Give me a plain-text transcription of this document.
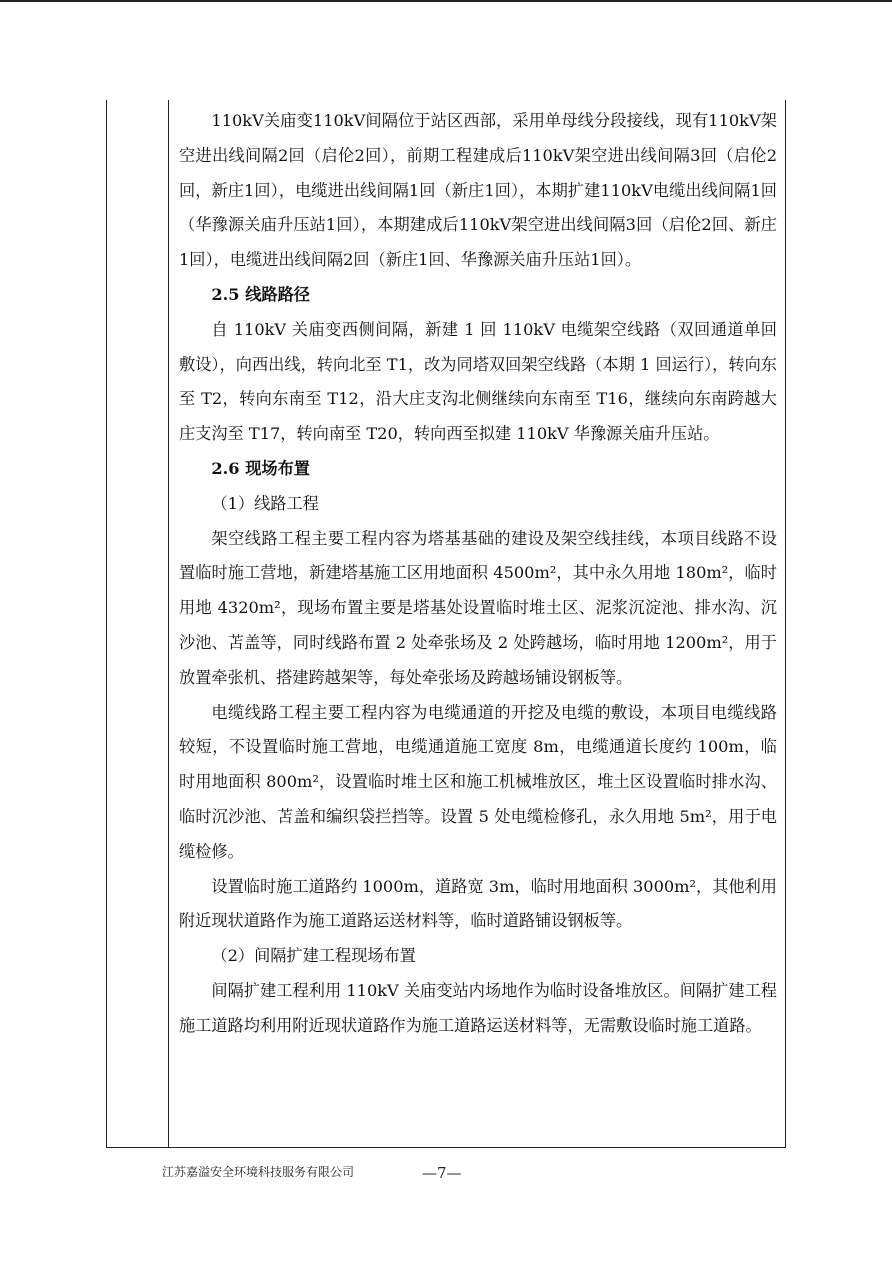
110kV关庙变110kV间隔位于站区西部，采用单母线分段接线，现有110kV架空进出线间隔2回（启伦2回），前期工程建成后110kV架空进出线间隔3回（启伦2回，新庄1回），电缆进出线间隔1回（新庄1回），本期扩建110kV电缆出线间隔1回（华豫源关庙升压站1回），本期建成后110kV架空进出线间隔3回（启伦2回、新庄1回），电缆进出线间隔2回（新庄1回、华豫源关庙升压站1回）。

2.5 线路路径

自 110kV 关庙变西侧间隔，新建 1 回 110kV 电缆架空线路（双回通道单回敷设），向西出线，转向北至 T1，改为同塔双回架空线路（本期 1 回运行），转向东至 T2，转向东南至 T12，沿大庄支沟北侧继续向东南至 T16，继续向东南跨越大庄支沟至 T17，转向南至 T20，转向西至拟建 110kV 华豫源关庙升压站。

2.6 现场布置

（1）线路工程

架空线路工程主要工程内容为塔基基础的建设及架空线挂线，本项目线路不设置临时施工营地，新建塔基施工区用地面积 4500m²，其中永久用地 180m²，临时用地 4320m²，现场布置主要是塔基处设置临时堆土区、泥浆沉淀池、排水沟、沉沙池、苫盖等，同时线路布置 2 处牵张场及 2 处跨越场，临时用地 1200m²，用于放置牵张机、搭建跨越架等，每处牵张场及跨越场铺设钢板等。

电缆线路工程主要工程内容为电缆通道的开挖及电缆的敷设，本项目电缆线路较短，不设置临时施工营地，电缆通道施工宽度 8m，电缆通道长度约 100m，临时用地面积 800m²，设置临时堆土区和施工机械堆放区，堆土区设置临时排水沟、临时沉沙池、苫盖和编织袋拦挡等。设置 5 处电缆检修孔，永久用地 5m²，用于电缆检修。

设置临时施工道路约 1000m，道路宽 3m，临时用地面积 3000m²，其他利用附近现状道路作为施工道路运送材料等，临时道路铺设钢板等。

（2）间隔扩建工程现场布置

间隔扩建工程利用 110kV 关庙变站内场地作为临时设备堆放区。间隔扩建工程施工道路均利用附近现状道路作为施工道路运送材料等，无需敷设临时施工道路。

江苏嘉溢安全环境科技服务有限公司	—7—
